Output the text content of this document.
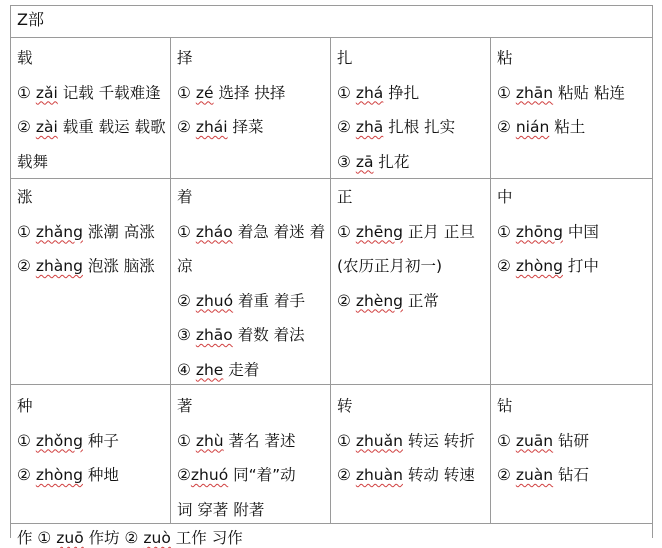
Z部
载
① zǎi 记载 千载难逢
② zài 载重 载运 载歌
载舞
择
① zé 选择 抉择
② zhái 择菜
扎
① zhá 挣扎
② zhā 扎根 扎实
③ zā 扎花
粘
① zhān 粘贴 粘连
② nián 粘土
涨
① zhǎng 涨潮 高涨
② zhàng 泡涨 脑涨
着
① zháo 着急 着迷 着
凉
② zhuó 着重 着手
③ zhāo 着数 着法
④ zhe 走着
正
① zhēng 正月 正旦
(农历正月初一)
② zhèng 正常
中
① zhōng 中国
② zhòng 打中
种
① zhǒng 种子
② zhòng 种地
著
① zhù 著名 著述
②zhuó 同“着”动
词 穿著 附著
转
① zhuǎn 转运 转折
② zhuàn 转动 转速
钻
① zuān 钻研
② zuàn 钻石
作 ① zuō 作坊 ② zuò 工作 习作
